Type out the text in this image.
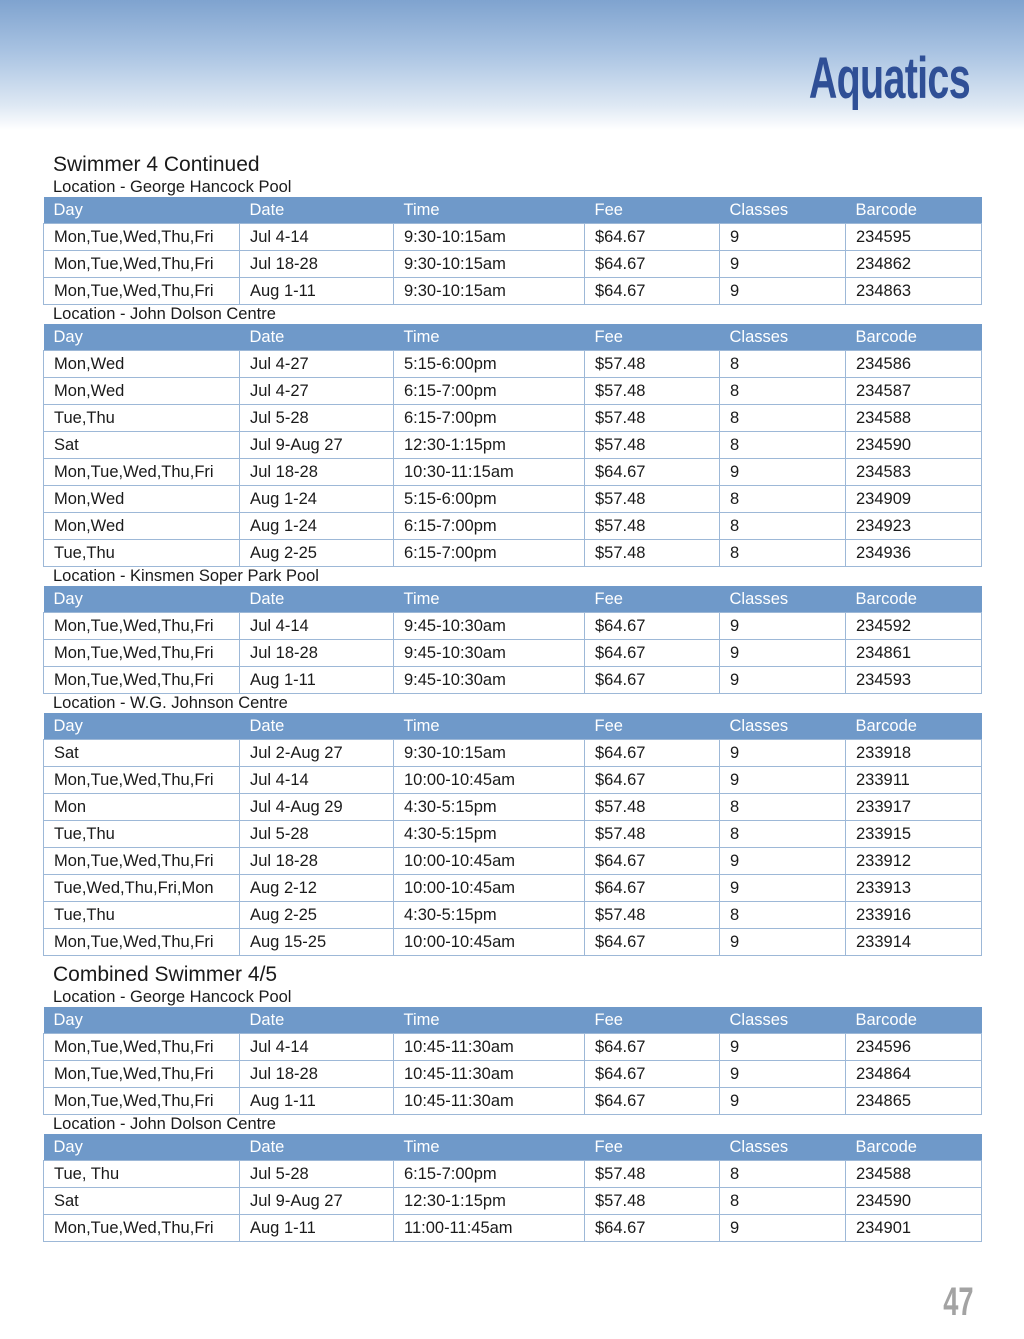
Aquatics
Swimmer 4 Continued
Location - George Hancock Pool
Day	Date	Time	Fee	Classes	Barcode
Mon,Tue,Wed,Thu,Fri	Jul 4-14	9:30-10:15am	$64.67	9	234595
Mon,Tue,Wed,Thu,Fri	Jul 18-28	9:30-10:15am	$64.67	9	234862
Mon,Tue,Wed,Thu,Fri	Aug 1-11	9:30-10:15am	$64.67	9	234863
Location - John Dolson Centre
Day	Date	Time	Fee	Classes	Barcode
Mon,Wed	Jul 4-27	5:15-6:00pm	$57.48	8	234586
Mon,Wed	Jul 4-27	6:15-7:00pm	$57.48	8	234587
Tue,Thu	Jul 5-28	6:15-7:00pm	$57.48	8	234588
Sat	Jul 9-Aug 27	12:30-1:15pm	$57.48	8	234590
Mon,Tue,Wed,Thu,Fri	Jul 18-28	10:30-11:15am	$64.67	9	234583
Mon,Wed	Aug 1-24	5:15-6:00pm	$57.48	8	234909
Mon,Wed	Aug 1-24	6:15-7:00pm	$57.48	8	234923
Tue,Thu	Aug 2-25	6:15-7:00pm	$57.48	8	234936
Location - Kinsmen Soper Park Pool
Day	Date	Time	Fee	Classes	Barcode
Mon,Tue,Wed,Thu,Fri	Jul 4-14	9:45-10:30am	$64.67	9	234592
Mon,Tue,Wed,Thu,Fri	Jul 18-28	9:45-10:30am	$64.67	9	234861
Mon,Tue,Wed,Thu,Fri	Aug 1-11	9:45-10:30am	$64.67	9	234593
Location - W.G. Johnson Centre
Day	Date	Time	Fee	Classes	Barcode
Sat	Jul 2-Aug 27	9:30-10:15am	$64.67	9	233918
Mon,Tue,Wed,Thu,Fri	Jul 4-14	10:00-10:45am	$64.67	9	233911
Mon	Jul 4-Aug 29	4:30-5:15pm	$57.48	8	233917
Tue,Thu	Jul 5-28	4:30-5:15pm	$57.48	8	233915
Mon,Tue,Wed,Thu,Fri	Jul 18-28	10:00-10:45am	$64.67	9	233912
Tue,Wed,Thu,Fri,Mon	Aug 2-12	10:00-10:45am	$64.67	9	233913
Tue,Thu	Aug 2-25	4:30-5:15pm	$57.48	8	233916
Mon,Tue,Wed,Thu,Fri	Aug 15-25	10:00-10:45am	$64.67	9	233914
Combined Swimmer 4/5
Location - George Hancock Pool
Day	Date	Time	Fee	Classes	Barcode
Mon,Tue,Wed,Thu,Fri	Jul 4-14	10:45-11:30am	$64.67	9	234596
Mon,Tue,Wed,Thu,Fri	Jul 18-28	10:45-11:30am	$64.67	9	234864
Mon,Tue,Wed,Thu,Fri	Aug 1-11	10:45-11:30am	$64.67	9	234865
Location - John Dolson Centre
Day	Date	Time	Fee	Classes	Barcode
Tue, Thu	Jul 5-28	6:15-7:00pm	$57.48	8	234588
Sat	Jul 9-Aug 27	12:30-1:15pm	$57.48	8	234590
Mon,Tue,Wed,Thu,Fri	Aug 1-11	11:00-11:45am	$64.67	9	234901
47
